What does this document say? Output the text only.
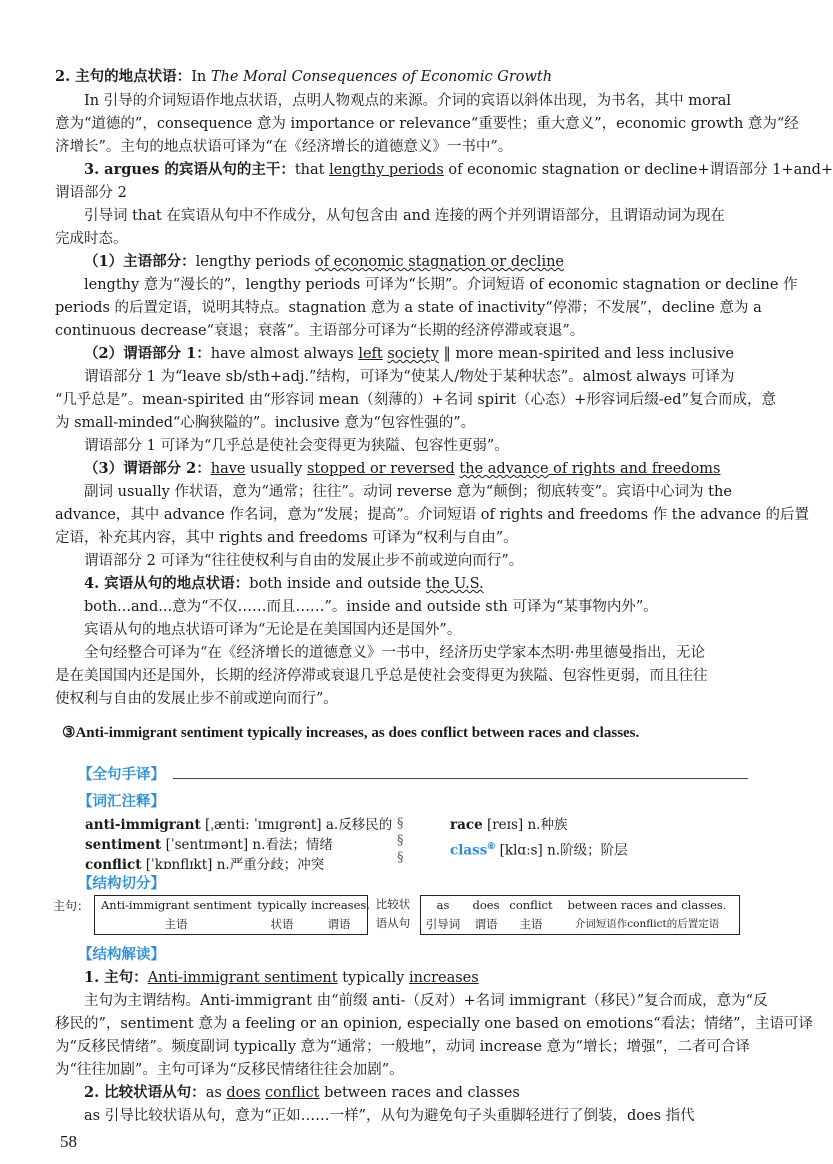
2. 主句的地点状语：In The Moral Consequences of Economic Growth
In 引导的介词短语作地点状语，点明人物观点的来源。介词的宾语以斜体出现，为书名，其中 moral
意为“道德的”，consequence 意为 importance or relevance“重要性；重大意义”，economic growth 意为“经
济增长”。主句的地点状语可译为“在《经济增长的道德意义》一书中”。
3. argues 的宾语从句的主干：that lengthy periods of economic stagnation or decline+谓语部分 1+and+
谓语部分 2
引导词 that 在宾语从句中不作成分，从句包含由 and 连接的两个并列谓语部分，且谓语动词为现在
完成时态。
（1）主语部分：lengthy periods of economic stagnation or decline
lengthy 意为“漫长的”，lengthy periods 可译为“长期”。介词短语 of economic stagnation or decline 作
periods 的后置定语，说明其特点。stagnation 意为 a state of inactivity“停滞；不发展”，decline 意为 a
continuous decrease“衰退；衰落”。主语部分可译为“长期的经济停滞或衰退”。
（2）谓语部分 1：have almost always left society ‖ more mean-spirited and less inclusive
谓语部分 1 为“leave sb/sth+adj.”结构，可译为“使某人/物处于某种状态”。almost always 可译为
“几乎总是”。mean-spirited 由“形容词 mean（刻薄的）+名词 spirit（心态）+形容词后缀-ed”复合而成，意
为 small-minded“心胸狭隘的”。inclusive 意为“包容性强的”。
谓语部分 1 可译为“几乎总是使社会变得更为狭隘、包容性更弱”。
（3）谓语部分 2：have usually stopped or reversed the advance of rights and freedoms
副词 usually 作状语，意为“通常；往往”。动词 reverse 意为“颠倒；彻底转变”。宾语中心词为 the
advance，其中 advance 作名词，意为“发展；提高”。介词短语 of rights and freedoms 作 the advance 的后置
定语，补充其内容，其中 rights and freedoms 可译为“权利与自由”。
谓语部分 2 可译为“往往使权利与自由的发展止步不前或逆向而行”。
4. 宾语从句的地点状语：both inside and outside the U.S.
both...and...意为“不仅……而且……”。inside and outside sth 可译为“某事物内外”。
宾语从句的地点状语可译为“无论是在美国国内还是国外”。
全句经整合可译为“在《经济增长的道德意义》一书中，经济历史学家本杰明·弗里德曼指出，无论
是在美国国内还是国外，长期的经济停滞或衰退几乎总是使社会变得更为狭隘、包容性更弱，而且往往
使权利与自由的发展止步不前或逆向而行”。
③Anti-immigrant sentiment typically increases, as does conflict between races and classes.
【全句手译】
【词汇注释】
anti-immigrant [ˌænti: ˈɪmɪɡrənt] a.反移民的
sentiment [ˈsentɪmənt] n.看法；情绪
conflict [ˈkɒnflɪkt] n.严重分歧；冲突
§
§
§
race [reɪs] n.种族
class⑥ [klɑːs] n.阶级；阶层
【结构切分】
主句： Anti-immigrant sentiment
主语
typically
状语
increases,
谓语
比较状
语从句
as
引导词
does
谓语
conflict
主语
between races and classes.
介词短语作conflict的后置定语
【结构解读】
1. 主句：Anti-immigrant sentiment typically increases
主句为主谓结构。Anti-immigrant 由“前缀 anti-（反对）+名词 immigrant（移民）”复合而成，意为“反
移民的”，sentiment 意为 a feeling or an opinion, especially one based on emotions“看法；情绪”，主语可译
为“反移民情绪”。频度副词 typically 意为“通常；一般地”，动词 increase 意为“增长；增强”，二者可合译
为“往往加剧”。主句可译为“反移民情绪往往会加剧”。
2. 比较状语从句：as does conflict between races and classes
as 引导比较状语从句，意为“正如……一样”，从句为避免句子头重脚轻进行了倒装，does 指代
58
